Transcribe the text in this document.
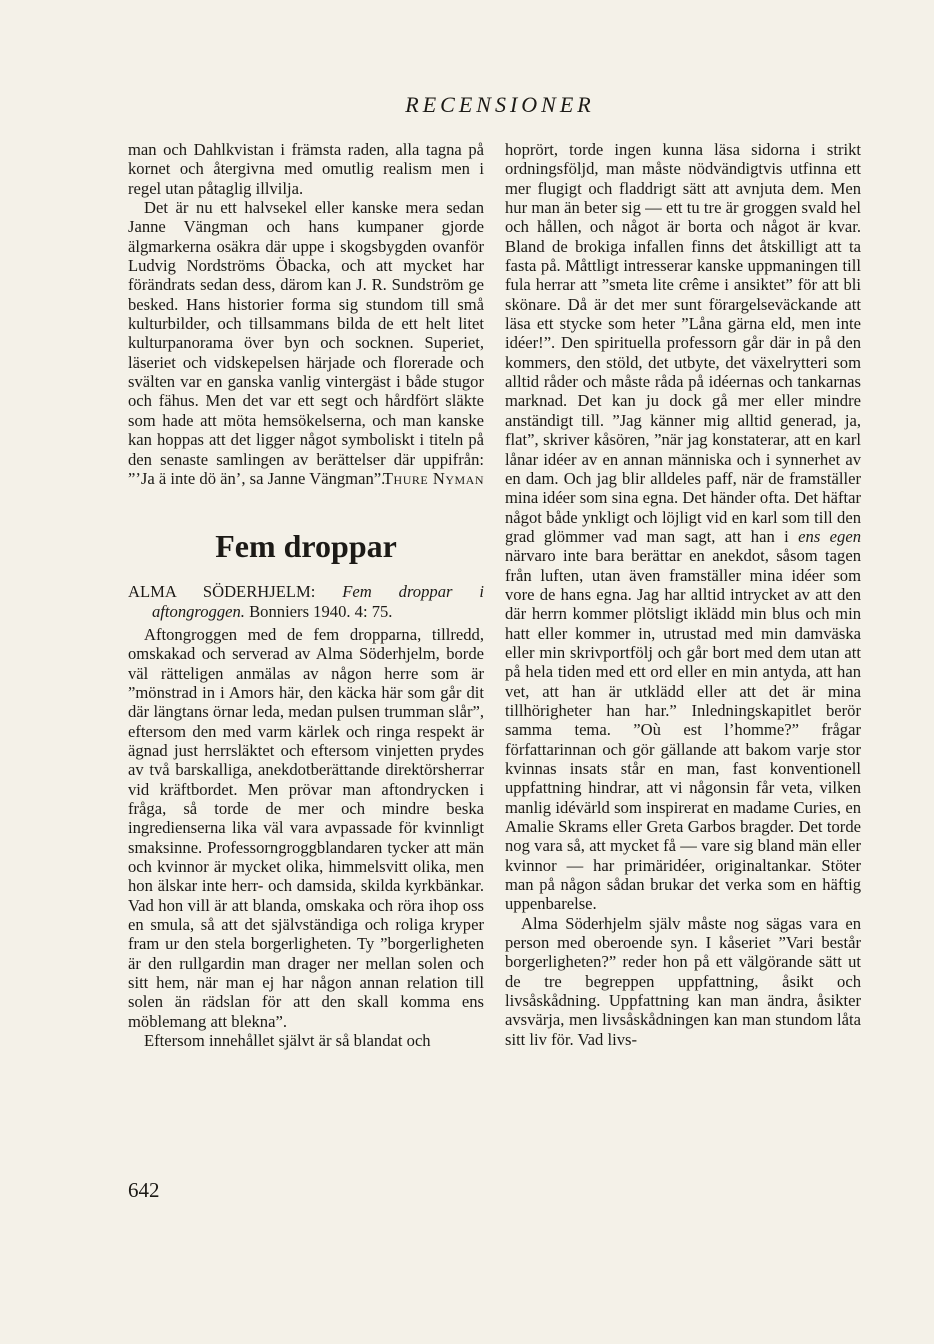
RECENSIONER

man och Dahlkvistan i främsta raden, alla tagna på kornet och återgivna med omutlig realism men i regel utan påtaglig illvilja.

Det är nu ett halvsekel eller kanske mera sedan Janne Vängman och hans kumpaner gjorde älgmarkerna osäkra där uppe i skogsbygden ovanför Ludvig Nordströms Öbacka, och att mycket har förändrats sedan dess, därom kan J. R. Sundström ge besked. Hans historier forma sig stundom till små kulturbilder, och tillsammans bilda de ett helt litet kulturpanorama över byn och socknen. Superiet, läseriet och vidskepelsen härjade och florerade och svälten var en ganska vanlig vintergäst i både stugor och fähus. Men det var ett segt och hårdfört släkte som hade att möta hemsökelserna, och man kanske kan hoppas att det ligger något symboliskt i titeln på den senaste samlingen av berättelser där uppifrån: ”’Ja ä inte dö än’, sa Janne Vängman”.

Thure Nyman

Fem droppar

ALMA SÖDERHJELM: Fem droppar i aftongroggen. Bonniers 1940. 4: 75.

Aftongroggen med de fem dropparna, tillredd, omskakad och serverad av Alma Söderhjelm, borde väl rätteligen anmälas av någon herre som är ”mönstrad in i Amors här, den käcka här som går dit där längtans örnar leda, medan pulsen trumman slår”, eftersom den med varm kärlek och ringa respekt är ägnad just herrsläktet och eftersom vinjetten prydes av två barskalliga, anekdotberättande direktörsherrar vid kräftbordet. Men prövar man aftondrycken i fråga, så torde de mer och mindre beska ingredienserna lika väl vara avpassade för kvinnligt smaksinne. Professorngroggblandaren tycker att män och kvinnor är mycket olika, himmelsvitt olika, men hon älskar inte herr- och damsida, skilda kyrkbänkar. Vad hon vill är att blanda, omskaka och röra ihop oss en smula, så att det självständiga och roliga kryper fram ur den stela borgerligheten. Ty ”borgerligheten är den rullgardin man drager ner mellan solen och sitt hem, när man ej har någon annan relation till solen än rädslan för att den skall komma ens möblemang att blekna”.

Eftersom innehållet självt är så blandat och

hoprört, torde ingen kunna läsa sidorna i strikt ordningsföljd, man måste nödvändigtvis utfinna ett mer flugigt och fladdrigt sätt att avnjuta dem. Men hur man än beter sig — ett tu tre är groggen svald hel och hållen, och något är borta och något är kvar. Bland de brokiga infallen finns det åtskilligt att ta fasta på. Måttligt intresserar kanske uppmaningen till fula herrar att ”smeta lite crême i ansiktet” för att bli skönare. Då är det mer sunt förargelseväckande att läsa ett stycke som heter ”Låna gärna eld, men inte idéer!”. Den spirituella professorn går där in på den kommers, den stöld, det utbyte, det växelrytteri som alltid råder och måste råda på idéernas och tankarnas marknad. Det kan ju dock gå mer eller mindre anständigt till. ”Jag känner mig alltid generad, ja, flat”, skriver kåsören, ”när jag konstaterar, att en karl lånar idéer av en annan människa och i synnerhet av en dam. Och jag blir alldeles paff, när de framställer mina idéer som sina egna. Det händer ofta. Det häftar något både ynkligt och löjligt vid en karl som till den grad glömmer vad man sagt, att han i ens egen närvaro inte bara berättar en anekdot, såsom tagen från luften, utan även framställer mina idéer som vore de hans egna. Jag har alltid intrycket av att den där herrn kommer plötsligt iklädd min blus och min hatt eller kommer in, utrustad med min damväska eller min skrivportfölj och går bort med dem utan att på hela tiden med ett ord eller en min antyda, att han vet, att han är utklädd eller att det är mina tillhörigheter han har.” Inledningskapitlet berör samma tema. ”Où est l’homme?” frågar författarinnan och gör gällande att bakom varje stor kvinnas insats står en man, fast konventionell uppfattning hindrar, att vi någonsin får veta, vilken manlig idévärld som inspirerat en madame Curies, en Amalie Skrams eller Greta Garbos bragder. Det torde nog vara så, att mycket få — vare sig bland män eller kvinnor — har primäridéer, originaltankar. Stöter man på någon sådan brukar det verka som en häftig uppenbarelse.

Alma Söderhjelm själv måste nog sägas vara en person med oberoende syn. I kåseriet ”Vari består borgerligheten?” reder hon på ett välgörande sätt ut de tre begreppen uppfattning, åsikt och livsåskådning. Uppfattning kan man ändra, åsikter avsvärja, men livsåskådningen kan man stundom låta sitt liv för. Vad livs-

642
